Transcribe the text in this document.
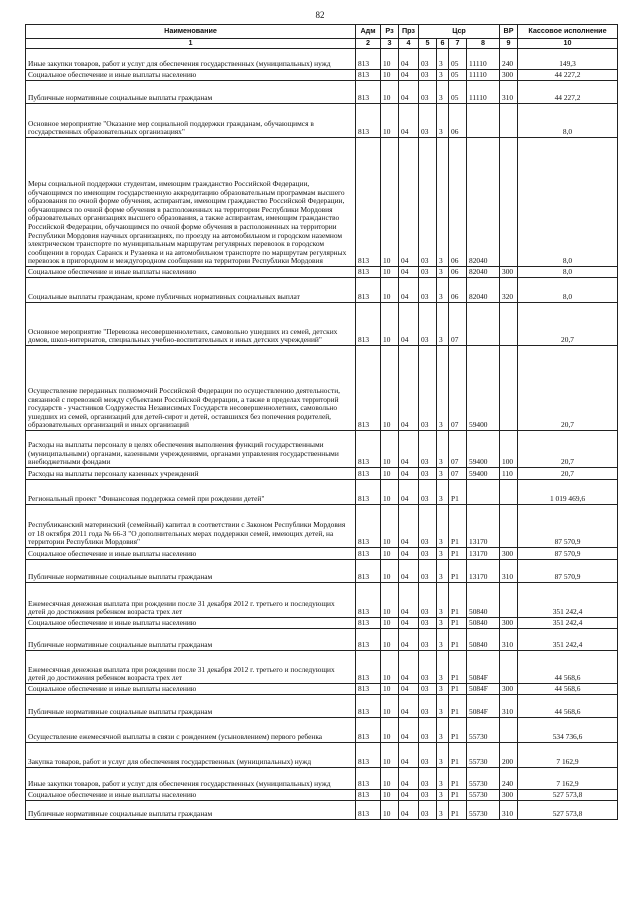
82
Наименование	Адм	Рз	Прз	Цср				ВР	Кассовое исполнение
1	2	3	4	5	6	7	8	9	10
Иные закупки товаров, работ и услуг для обеспечения государственных (муниципальных) нужд	813	10	04	03	3	05	11110	240	149,3
Социальное обеспечение и иные выплаты населению	813	10	04	03	3	05	11110	300	44 227,2
Публичные нормативные социальные выплаты гражданам	813	10	04	03	3	05	11110	310	44 227,2
Основное мероприятие "Оказание мер социальной поддержки гражданам, обучающимся в государственных образовательных организациях"	813	10	04	03	3	06			8,0
Меры социальной поддержки студентам, имеющим гражданство Российской Федерации, обучающимся по имеющим государственную аккредитацию образовательным программам высшего образования по очной форме обучения, аспирантам, имеющим гражданство Российской Федерации, обучающимся по очной форме обучения в расположенных на территории Республики Мордовия образовательных организациях высшего образования, а также аспирантам, имеющим гражданство Российской Федерации, обучающимся по очной форме обучения в расположенных на территории Республики Мордовия научных организациях, по проезду на автомобильном и городском наземном электрическом транспорте по муниципальным маршрутам регулярных перевозок в городском сообщении в городах Саранск и Рузаевка и на автомобильном транспорте по маршрутам регулярных перевозок в пригородном и междугородном сообщении на территории Республики Мордовия	813	10	04	03	3	06	82040		8,0
Социальное обеспечение и иные выплаты населению	813	10	04	03	3	06	82040	300	8,0
Социальные выплаты гражданам, кроме публичных нормативных социальных выплат	813	10	04	03	3	06	82040	320	8,0
Основное мероприятие "Перевозка несовершеннолетних, самовольно ушедших из семей, детских домов, школ-интернатов, специальных учебно-воспитательных и иных детских учреждений"	813	10	04	03	3	07			20,7
Осуществление переданных полномочий Российской Федерации по осуществлению деятельности, связанной с перевозкой между субъектами Российской Федерации, а также в пределах территорий государств - участников Содружества Независимых Государств несовершеннолетних, самовольно ушедших из семей, организаций для детей-сирот и детей, оставшихся без попечения родителей, образовательных организаций и иных организаций	813	10	04	03	3	07	59400		20,7
Расходы на выплаты персоналу в целях обеспечения выполнения функций государственными (муниципальными) органами, казенными учреждениями, органами управления государственными внебюджетными фондами	813	10	04	03	3	07	59400	100	20,7
Расходы на выплаты персоналу казенных учреждений	813	10	04	03	3	07	59400	110	20,7
Региональный проект "Финансовая поддержка семей при рождении детей"	813	10	04	03	3	P1			1 019 469,6
Республиканский материнский (семейный) капитал в соответствии с Законом Республики Мордовия от 18 октября 2011 года № 66-З "О дополнительных мерах поддержки семей, имеющих детей, на территории Республики Мордовия"	813	10	04	03	3	P1	13170		87 570,9
Социальное обеспечение и иные выплаты населению	813	10	04	03	3	P1	13170	300	87 570,9
Публичные нормативные социальные выплаты гражданам	813	10	04	03	3	P1	13170	310	87 570,9
Ежемесячная денежная выплата при рождении после 31 декабря 2012 г. третьего и последующих детей до достижения ребенком возраста трех лет	813	10	04	03	3	P1	50840		351 242,4
Социальное обеспечение и иные выплаты населению	813	10	04	03	3	P1	50840	300	351 242,4
Публичные нормативные социальные выплаты гражданам	813	10	04	03	3	P1	50840	310	351 242,4
Ежемесячная денежная выплата при рождении после 31 декабря 2012 г. третьего и последующих детей до достижения ребенком возраста трех лет	813	10	04	03	3	P1	5084F		44 568,6
Социальное обеспечение и иные выплаты населению	813	10	04	03	3	P1	5084F	300	44 568,6
Публичные нормативные социальные выплаты гражданам	813	10	04	03	3	P1	5084F	310	44 568,6
Осуществление ежемесячной выплаты в связи с рождением (усыновлением) первого ребенка	813	10	04	03	3	P1	55730		534 736,6
Закупка товаров, работ и услуг для обеспечения государственных (муниципальных) нужд	813	10	04	03	3	P1	55730	200	7 162,9
Иные закупки товаров, работ и услуг для обеспечения государственных (муниципальных) нужд	813	10	04	03	3	P1	55730	240	7 162,9
Социальное обеспечение и иные выплаты населению	813	10	04	03	3	P1	55730	300	527 573,8
Публичные нормативные социальные выплаты гражданам	813	10	04	03	3	P1	55730	310	527 573,8
